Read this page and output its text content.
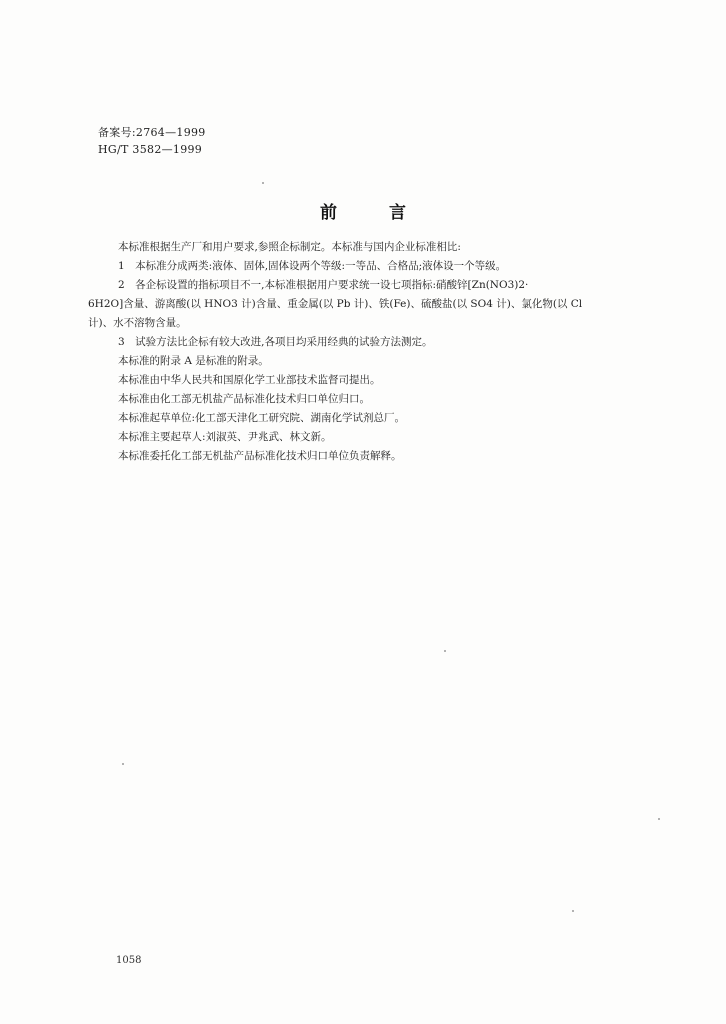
备案号:2764—1999
HG/T 3582—1999
前	言

本标准根据生产厂和用户要求,参照企标制定。本标准与国内企业标准相比:

1　本标准分成两类:液体、固体,固体设两个等级:一等品、合格品;液体设一个等级。

2　各企标设置的指标项目不一,本标准根据用户要求统一设七项指标:硝酸锌[Zn(NO3)2·

6H2O]含量、游离酸(以 HNO3 计)含量、重金属(以 Pb 计)、铁(Fe)、硫酸盐(以 SO4 计)、氯化物(以 Cl

计)、水不溶物含量。

3　试验方法比企标有较大改进,各项目均采用经典的试验方法测定。

本标准的附录 A 是标准的附录。

本标准由中华人民共和国原化学工业部技术监督司提出。

本标准由化工部无机盐产品标准化技术归口单位归口。

本标准起草单位:化工部天津化工研究院、湖南化学试剂总厂。

本标准主要起草人:刘淑英、尹兆武、林文新。

本标准委托化工部无机盐产品标准化技术归口单位负责解释。

1058
